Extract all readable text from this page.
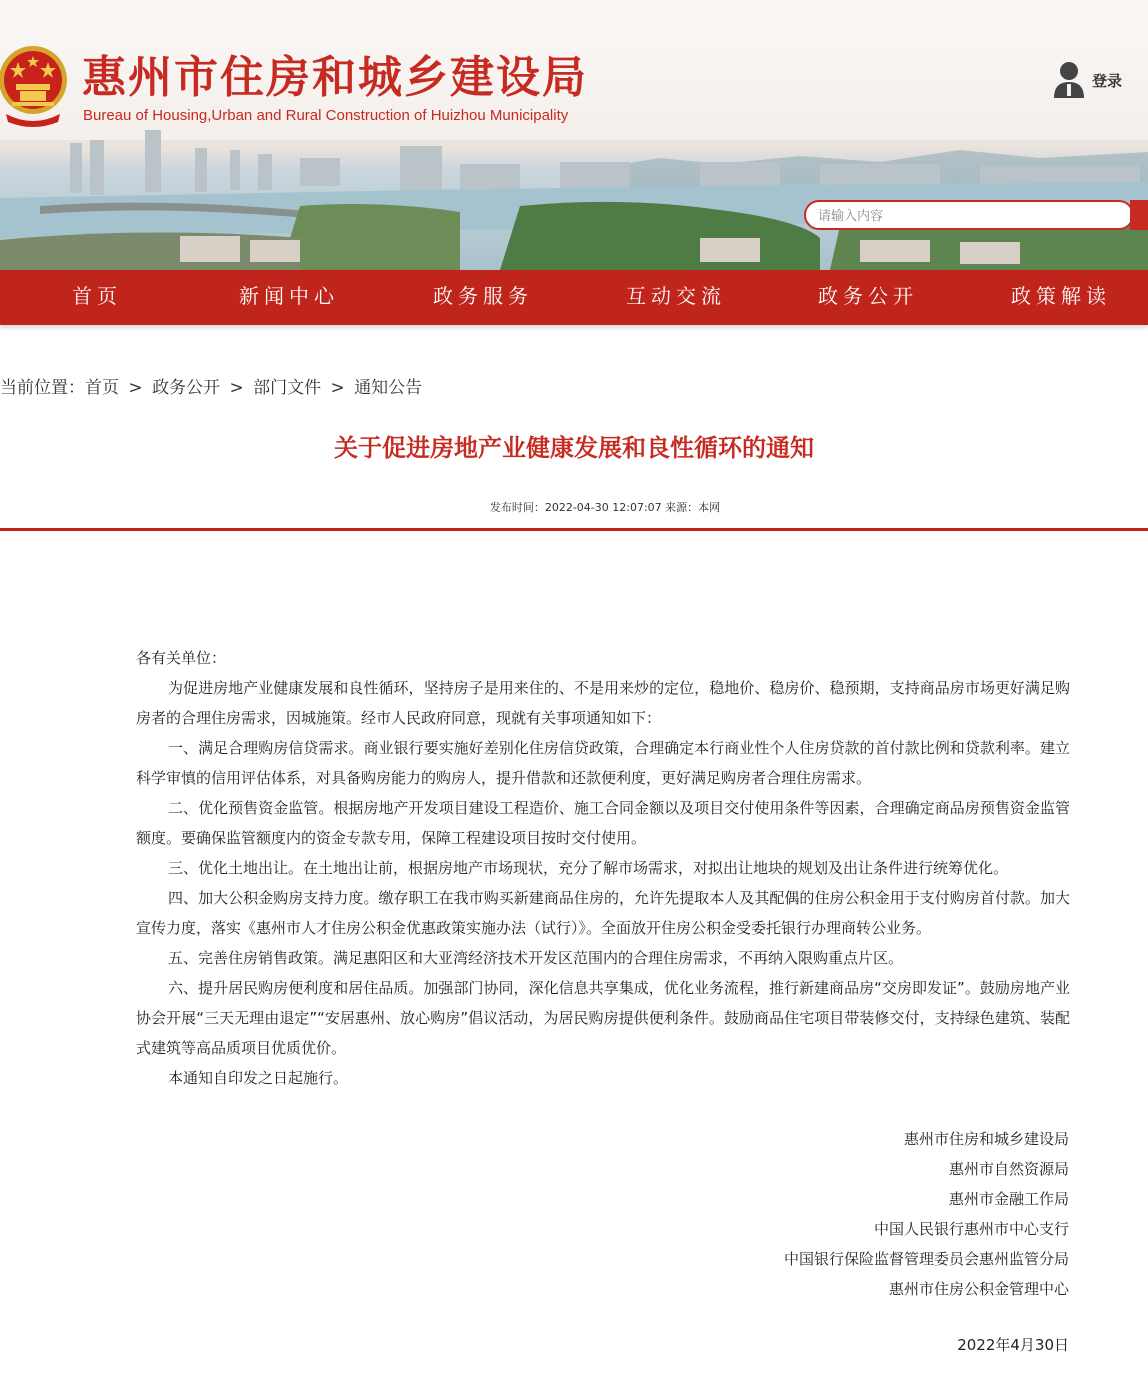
惠州市住房和城乡建设局
Bureau of Housing,Urban and Rural Construction of Huizhou Municipality
登录
请输入内容
首页	新闻中心	政务服务	互动交流	政务公开	政策解读
当前位置：首页 > 政务公开 > 部门文件 > 通知公告
关于促进房地产业健康发展和良性循环的通知
发布时间：2022-04-30 12:07:07 来源：本网

各有关单位：

为促进房地产业健康发展和良性循环，坚持房子是用来住的、不是用来炒的定位，稳地价、稳房价、稳预期，支持商品房市场更好满足购房者的合理住房需求，因城施策。经市人民政府同意，现就有关事项通知如下：

一、满足合理购房信贷需求。商业银行要实施好差别化住房信贷政策，合理确定本行商业性个人住房贷款的首付款比例和贷款利率。建立科学审慎的信用评估体系，对具备购房能力的购房人，提升借款和还款便利度，更好满足购房者合理住房需求。

二、优化预售资金监管。根据房地产开发项目建设工程造价、施工合同金额以及项目交付使用条件等因素，合理确定商品房预售资金监管额度。要确保监管额度内的资金专款专用，保障工程建设项目按时交付使用。

三、优化土地出让。在土地出让前，根据房地产市场现状，充分了解市场需求，对拟出让地块的规划及出让条件进行统筹优化。

四、加大公积金购房支持力度。缴存职工在我市购买新建商品住房的，允许先提取本人及其配偶的住房公积金用于支付购房首付款。加大宣传力度，落实《惠州市人才住房公积金优惠政策实施办法（试行）》。全面放开住房公积金受委托银行办理商转公业务。

五、完善住房销售政策。满足惠阳区和大亚湾经济技术开发区范围内的合理住房需求，不再纳入限购重点片区。

六、提升居民购房便利度和居住品质。加强部门协同，深化信息共享集成，优化业务流程，推行新建商品房“交房即发证”。鼓励房地产业协会开展“三天无理由退定”“安居惠州、放心购房”倡议活动，为居民购房提供便利条件。鼓励商品住宅项目带装修交付，支持绿色建筑、装配式建筑等高品质项目优质优价。

本通知自印发之日起施行。

惠州市住房和城乡建设局
惠州市自然资源局
惠州市金融工作局
中国人民银行惠州市中心支行
中国银行保险监督管理委员会惠州监管分局
惠州市住房公积金管理中心
2022年4月30日
